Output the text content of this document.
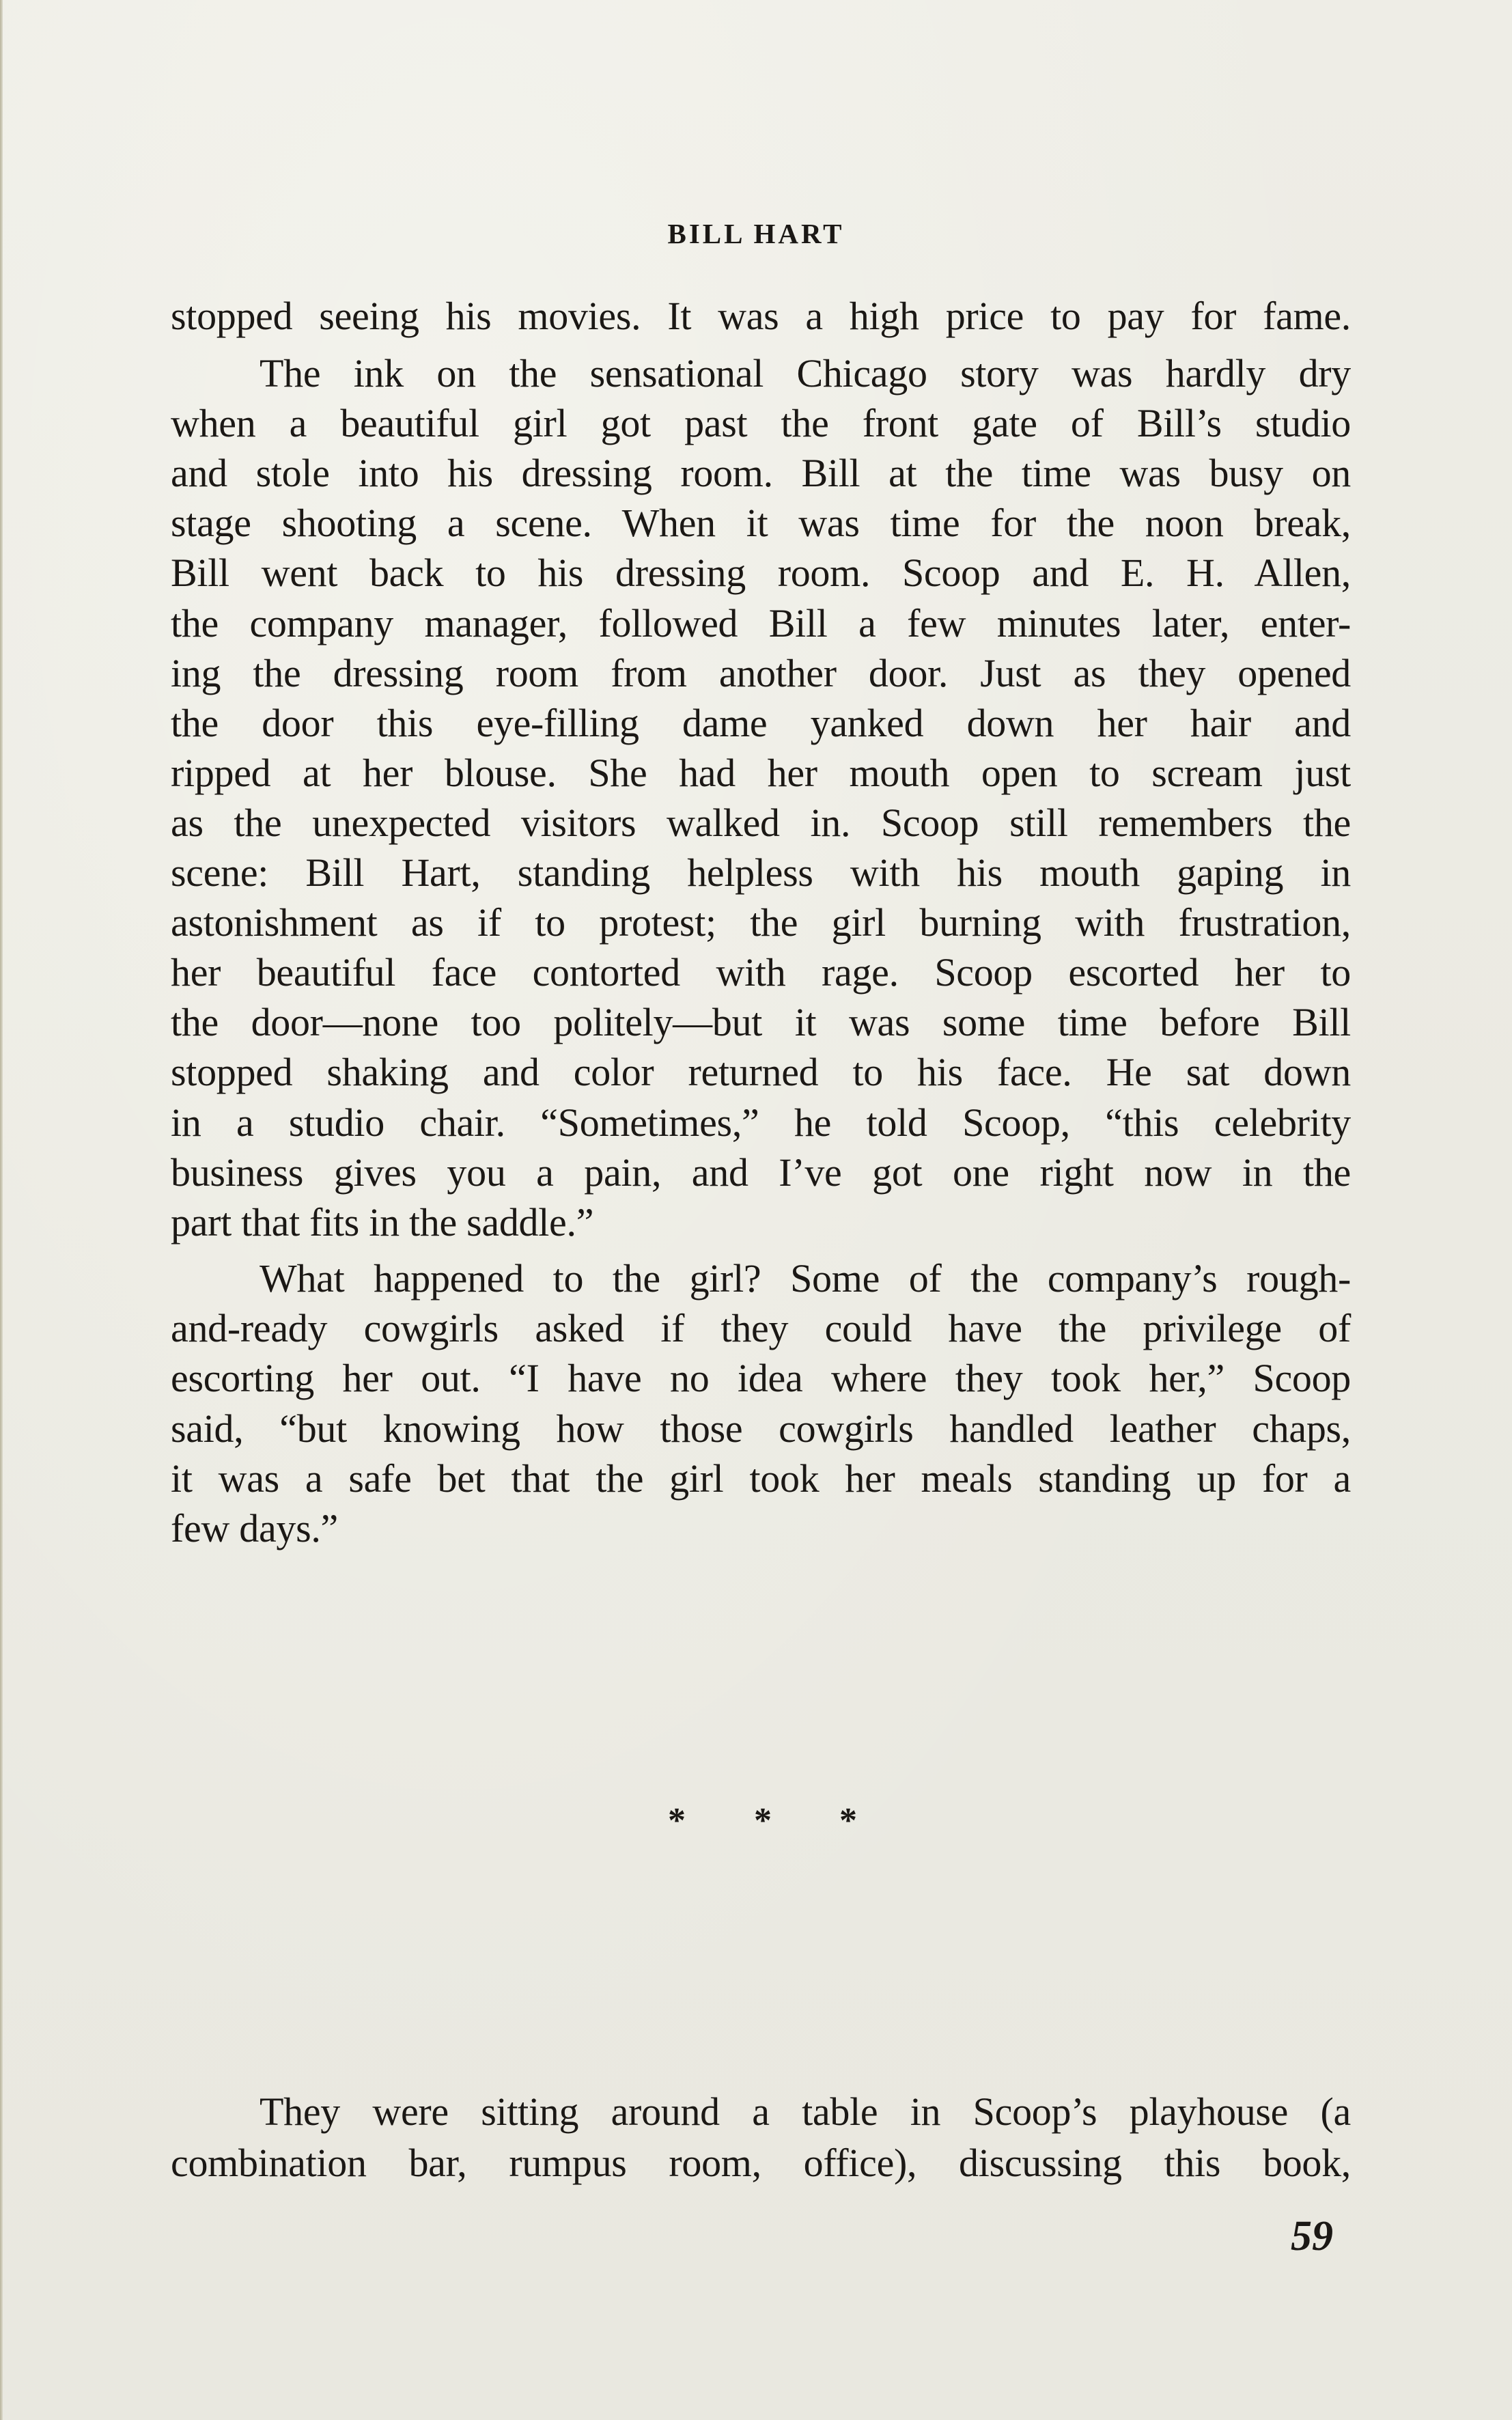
BILL HART
stopped seeing his movies. It was a high price to pay for fame.
The ink on the sensational Chicago story was hardly dry
when a beautiful girl got past the front gate of Bill’s studio
and stole into his dressing room. Bill at the time was busy on
stage shooting a scene. When it was time for the noon break,
Bill went back to his dressing room. Scoop and E. H. Allen,
the company manager, followed Bill a few minutes later, enter-
ing the dressing room from another door. Just as they opened
the door this eye-filling dame yanked down her hair and
ripped at her blouse. She had her mouth open to scream just
as the unexpected visitors walked in. Scoop still remembers the
scene: Bill Hart, standing helpless with his mouth gaping in
astonishment as if to protest; the girl burning with frustration,
her beautiful face contorted with rage. Scoop escorted her to
the door—none too politely—but it was some time before Bill
stopped shaking and color returned to his face. He sat down
in a studio chair. “Sometimes,” he told Scoop, “this celebrity
business gives you a pain, and I’ve got one right now in the
part that fits in the saddle.”
What happened to the girl? Some of the company’s rough-
and-ready cowgirls asked if they could have the privilege of
escorting her out. “I have no idea where they took her,” Scoop
said, “but knowing how those cowgirls handled leather chaps,
it was a safe bet that the girl took her meals standing up for a
few days.”
They were sitting around a table in Scoop’s playhouse (a
combination bar, rumpus room, office), discussing this book,
* * *
59
